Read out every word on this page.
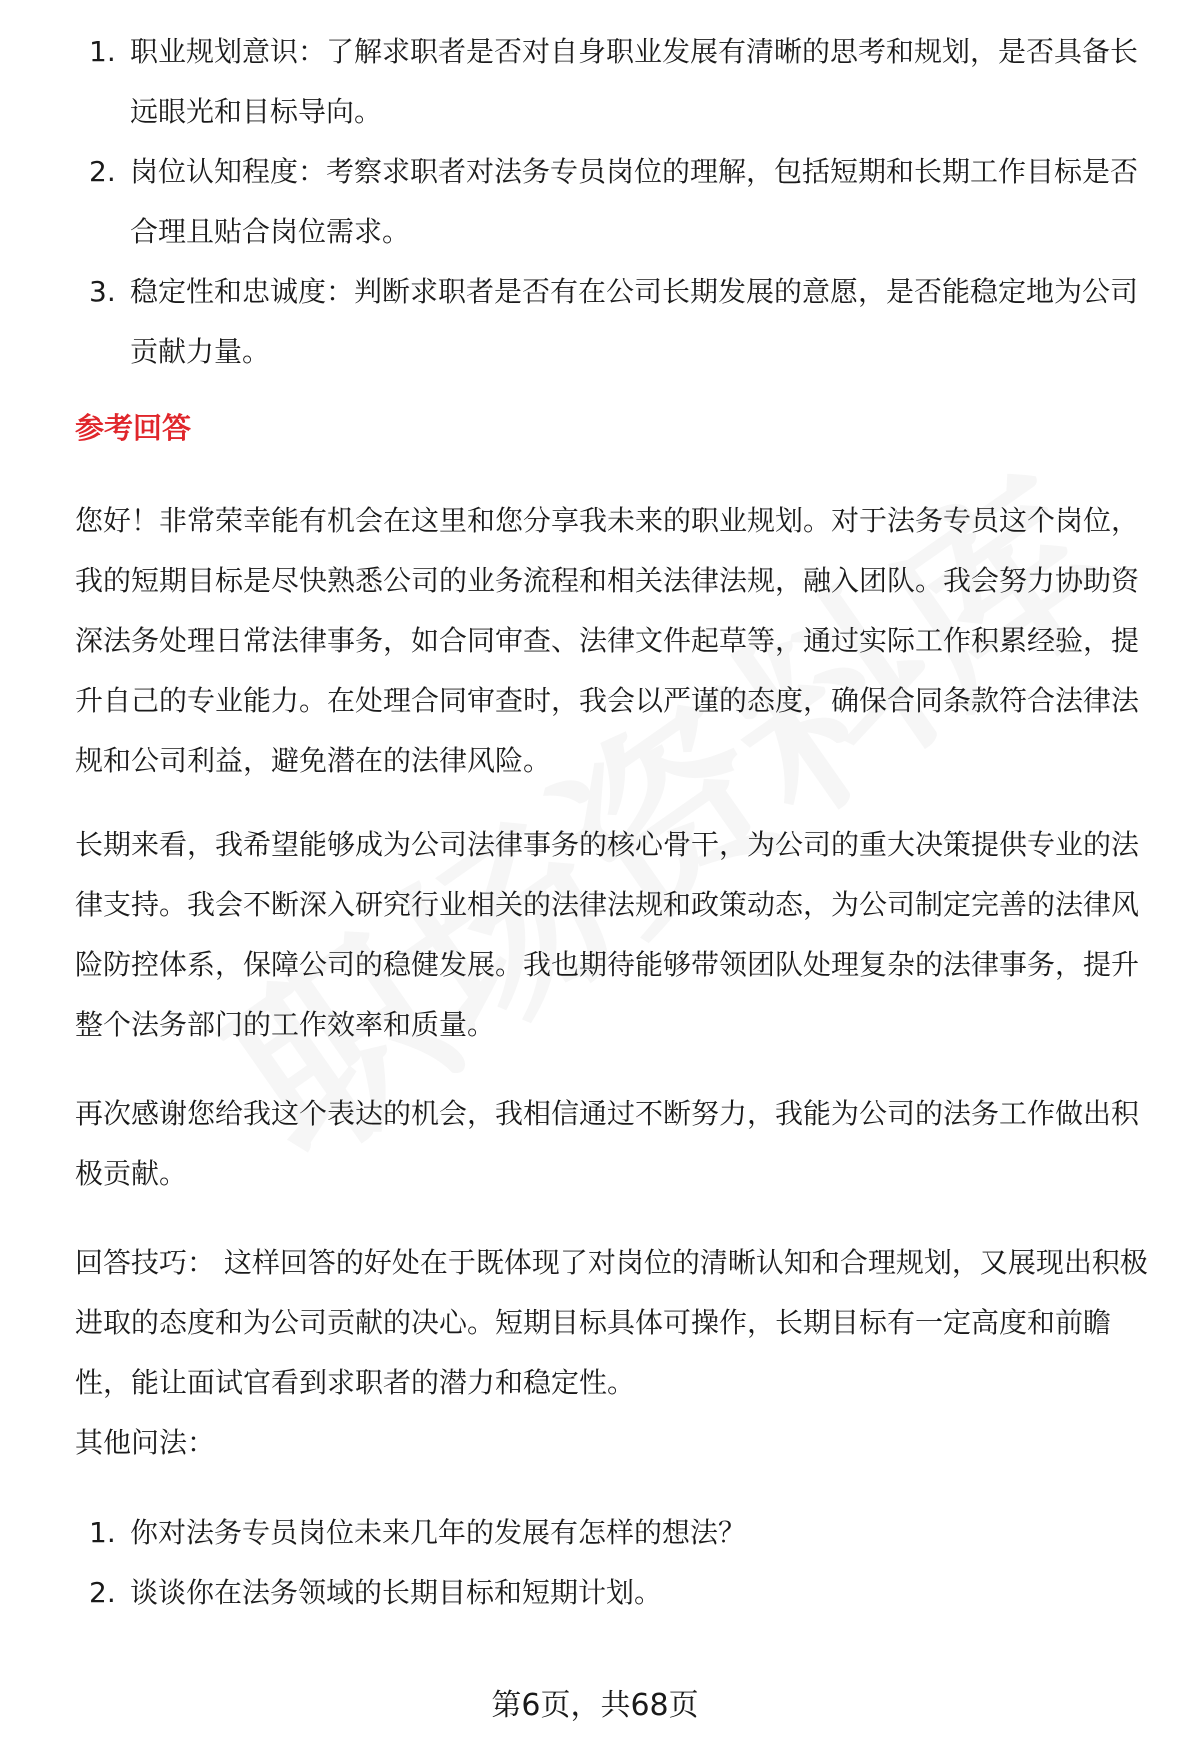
1. 职业规划意识：了解求职者是否对自身职业发展有清晰的思考和规划，是否具备长远眼光和目标导向。
2. 岗位认知程度：考察求职者对法务专员岗位的理解，包括短期和长期工作目标是否合理且贴合岗位需求。
3. 稳定性和忠诚度：判断求职者是否有在公司长期发展的意愿，是否能稳定地为公司贡献力量。
参考回答

您好！非常荣幸能有机会在这里和您分享我未来的职业规划。对于法务专员这个岗位，我的短期目标是尽快熟悉公司的业务流程和相关法律法规，融入团队。我会努力协助资深法务处理日常法律事务，如合同审查、法律文件起草等，通过实际工作积累经验，提升自己的专业能力。在处理合同审查时，我会以严谨的态度，确保合同条款符合法律法规和公司利益，避免潜在的法律风险。

长期来看，我希望能够成为公司法律事务的核心骨干，为公司的重大决策提供专业的法律支持。我会不断深入研究行业相关的法律法规和政策动态，为公司制定完善的法律风险防控体系，保障公司的稳健发展。我也期待能够带领团队处理复杂的法律事务，提升整个法务部门的工作效率和质量。

再次感谢您给我这个表达的机会，我相信通过不断努力，我能为公司的法务工作做出积极贡献。

回答技巧： 这样回答的好处在于既体现了对岗位的清晰认知和合理规划，又展现出积极进取的态度和为公司贡献的决心。短期目标具体可操作，长期目标有一定高度和前瞻性，能让面试官看到求职者的潜力和稳定性。

其他问法：

1. 你对法务专员岗位未来几年的发展有怎样的想法？
2. 谈谈你在法务领域的长期目标和短期计划。
第6页，共68页
